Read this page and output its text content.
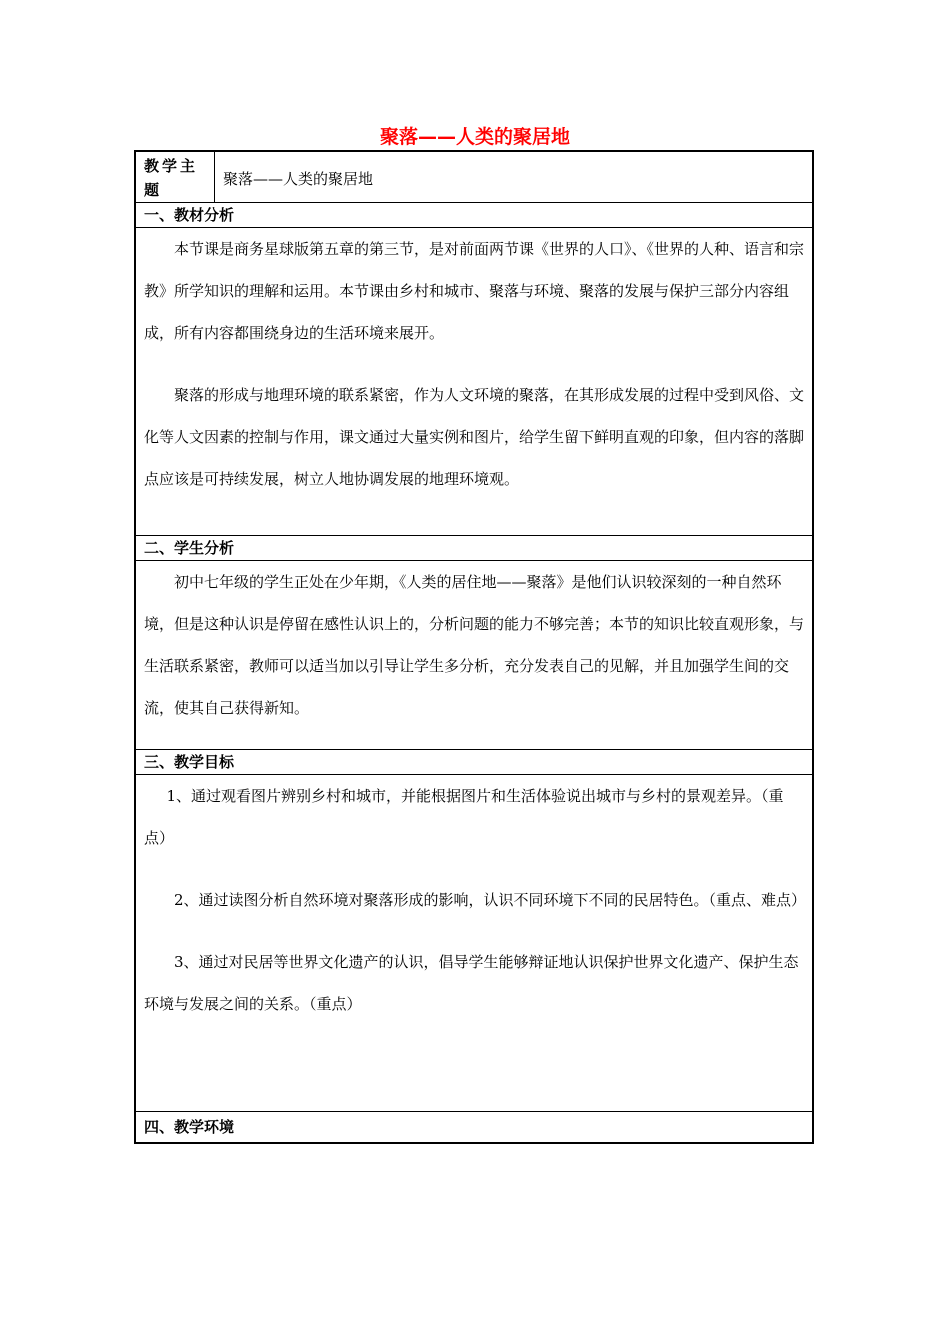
聚落——人类的聚居地
教学主题	聚落——人类的聚居地
一、教材分析

本节课是商务星球版第五章的第三节，是对前面两节课《世界的人口》、《世界的人种、语言和宗教》所学知识的理解和运用。本节课由乡村和城市、聚落与环境、聚落的发展与保护三部分内容组成，所有内容都围绕身边的生活环境来展开。

聚落的形成与地理环境的联系紧密，作为人文环境的聚落，在其形成发展的过程中受到风俗、文化等人文因素的控制与作用，课文通过大量实例和图片，给学生留下鲜明直观的印象，但内容的落脚点应该是可持续发展，树立人地协调发展的地理环境观。

二、学生分析

初中七年级的学生正处在少年期，《人类的居住地——聚落》是他们认识较深刻的一种自然环境，但是这种认识是停留在感性认识上的，分析问题的能力不够完善；本节的知识比较直观形象，与生活联系紧密，教师可以适当加以引导让学生多分析，充分发表自己的见解，并且加强学生间的交流，使其自己获得新知。

三、教学目标

1、通过观看图片辨别乡村和城市，并能根据图片和生活体验说出城市与乡村的景观差异。（重点）

2、通过读图分析自然环境对聚落形成的影响，认识不同环境下不同的民居特色。（重点、难点）

3、通过对民居等世界文化遗产的认识，倡导学生能够辩证地认识保护世界文化遗产、保护生态环境与发展之间的关系。（重点）

四、教学环境
